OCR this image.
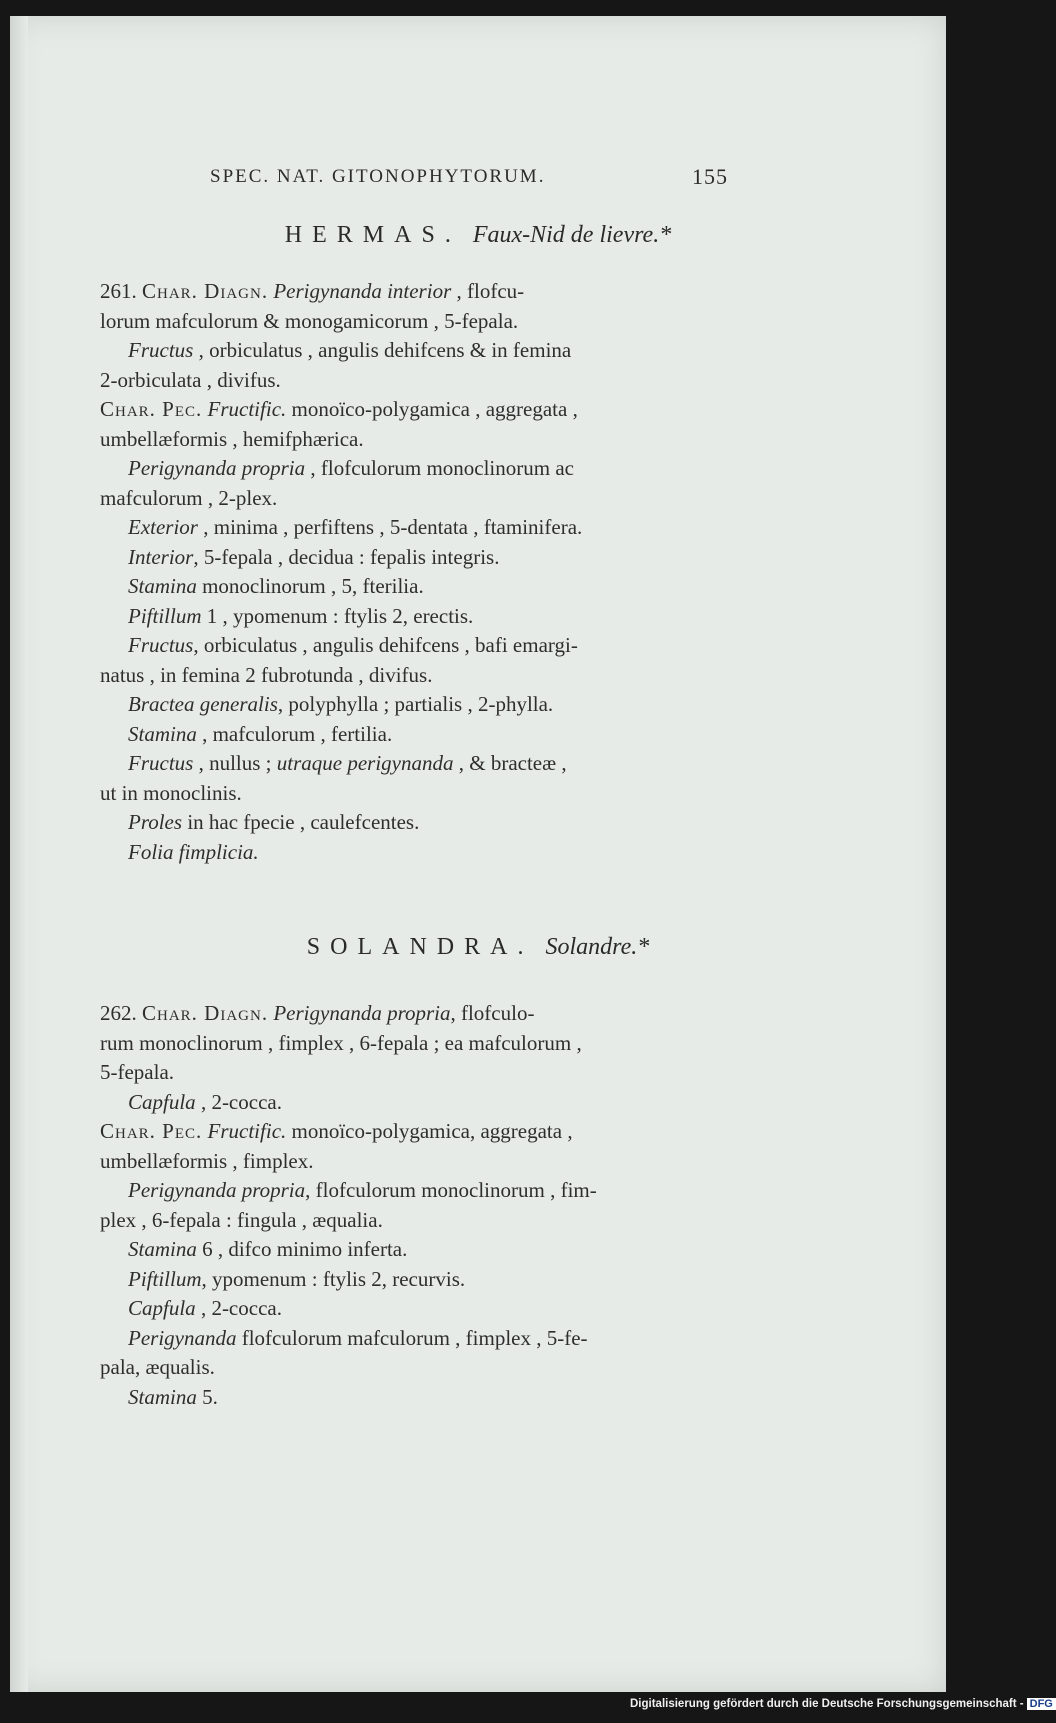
SPEC. NAT. GITONOPHYTORUM.	155
HERMAS. Faux-Nid de lievre.*
261. Char. Diagn. Perigynanda interior , flofcu-
lorum mafculorum & monogamicorum , 5-fepala.
Fructus , orbiculatus , angulis dehifcens & in femina
2-orbiculata , divifus.
Char. Pec. Fructific. monoïco-polygamica , aggregata ,
umbellæformis , hemifphærica.
Perigynanda propria , flofculorum monoclinorum ac
mafculorum , 2-plex.
Exterior , minima , perfiftens , 5-dentata , ftaminifera.
Interior, 5-fepala , decidua : fepalis integris.
Stamina monoclinorum , 5, fterilia.
Piftillum 1 , ypomenum : ftylis 2, erectis.
Fructus, orbiculatus , angulis dehifcens , bafi emargi-
natus , in femina 2 fubrotunda , divifus.
Bractea generalis, polyphylla ; partialis , 2-phylla.
Stamina , mafculorum , fertilia.
Fructus , nullus ; utraque perigynanda , & bracteæ ,
ut in monoclinis.
Proles in hac fpecie , caulefcentes.
Folia fimplicia.
SOLANDRA. Solandre.*
262. Char. Diagn. Perigynanda propria, flofculo-
rum monoclinorum , fimplex , 6-fepala ; ea mafculorum ,
5-fepala.
Capfula , 2-cocca.
Char. Pec. Fructific. monoïco-polygamica, aggregata ,
umbellæformis , fimplex.
Perigynanda propria, flofculorum monoclinorum , fim-
plex , 6-fepala : fingula , æqualia.
Stamina 6 , difco minimo inferta.
Piftillum, ypomenum : ftylis 2, recurvis.
Capfula , 2-cocca.
Perigynanda flofculorum mafculorum , fimplex , 5-fe-
pala, æqualis.
Stamina 5.
Digitalisierung gefördert durch die Deutsche Forschungsgemeinschaft - DFG
